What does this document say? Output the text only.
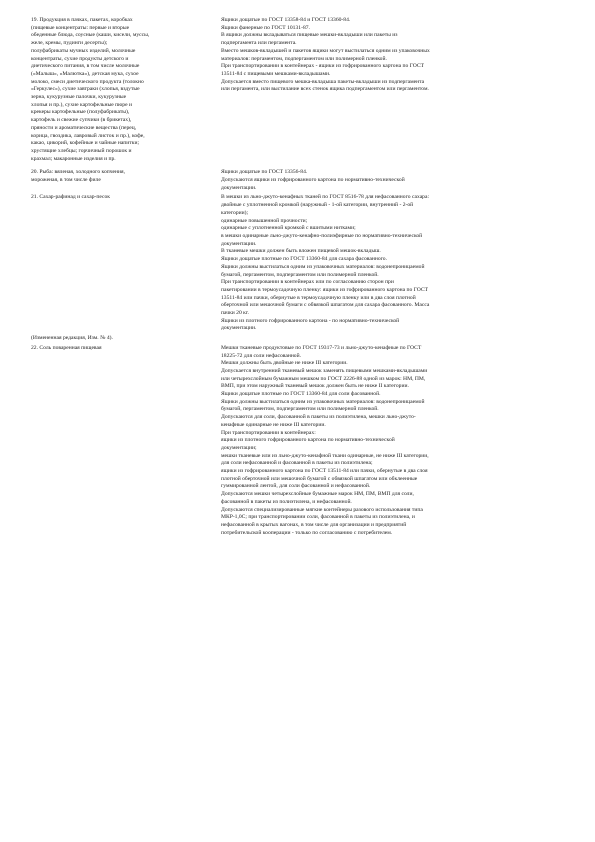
19. Продукция в пачках, пакетах, коробках
(пищевые концентраты: первые и вторые
обеденные блюда, соусные (каши, кисели, муссы,
желе, кремы, пудинги десерты);
полуфабрикаты мучных изделий, молочные
концентраты, сухие продукты детского и
диетического питания, в том числе молочные
(«Малыш», «Малютка»), детская мука, сухое
молоко, смеси диетического продукта (толокно
«Геркулес»), сухие завтраки (хлопья, вздутые
зерна, кукурузные палочки, кукурузные
хлопья и пр.), сухие картофельные пюре и
крекеры картофельные (полуфабрикаты),
картофель и свежие супчики (в брикетах),
пряности и ароматические вещества (перец,
корица, гвоздика, лавровый листок и пр.), кофе,
какао, цикорий, кофейные и чайные напитки;
хрустящие хлебцы; горчичный порошок и
крахмал; макаронные изделия и пр.
Ящики дощатые по ГОСТ 13358-84 и ГОСТ 13360-84.
Ящики фанерные по ГОСТ 10131-87.
В ящики должны вкладываться пищевые мешки-вкладыши или пакеты из
подпергамента или пергамента.
Вместо мешков-вкладышей и пакетов ящики могут выстилаться одним из упаковочных
материалов: пергаментом, подпергаментом или полимерной пленкой.
При транспортировании в контейнерах - ящики из гофрированного картона по ГОСТ
13511-84 с пищевыми мешками-вкладышами.
Допускается вместо пищевого мешка-вкладыша пакеты-вкладыши из подпергамента
или пергамента, или выстилание всех стенок ящика подпергаментом или пергаментом.
20. Рыба: вяленая, холодного копчения,
мороженая, в том числе филе
Ящики дощатые по ГОСТ 13356-84.
Допускаются ящики из гофрированного картона по нормативно-технической
документации.
21. Сахар-рафинад и сахар-песок	В мешки из льно-джуто-кенафных тканей по ГОСТ 8516-78 для нефасованного сахара:
двойные с уплотненной кромкой (наружный - 1-ой категории, внутренний - 2-ой
категории);
одинарные повышенной прочности;
одинарные с уплотненной кромкой с вшитыми нитками;
в мешки одинарные льно-джуто-кенафно-полиэфирные по нормативно-технической
документации.
В тканевые мешки должен быть вложен пищевой мешок-вкладыш.
Ящики дощатые плотные по ГОСТ 13360-84 для сахара фасованного.
Ящики должны выстилаться одним из упаковочных материалов: водонепроницаемой
бумагой, пергаментом, подпергаментом или полимерной пленкой.
При транспортировании в контейнерах или по согласованию сторон при
пакетировании в термоусадочную пленку: ящики из гофрированного картона по ГОСТ
13511-84 или пачки, обернутые в термоусадочную пленку или в два слоя плотной
оберточной или мешочной бумаги с обвязкой шпагатом для сахара фасованного. Масса
пачки 20 кг.
Ящики из плотного гофрированного картона - по нормативно-технической
документации.
(Измененная редакция, Изм. № 4).
22. Соль поваренная пищевая	Мешки тканевые продуктовые по ГОСТ 19317-73 и льно-джуто-кенафные по ГОСТ
18225-72 для соли нефасованной.
Мешки должны быть двойные не ниже III категории.
Допускается внутренний тканевый мешок заменять пищевыми мешками-вкладышами
или четырехслойным бумажным мешком по ГОСТ 2226-88 одной из марок: НМ, ПМ,
ВМП, при этом наружный тканевый мешок должен быть не ниже II категории.
Ящики дощатые плотные по ГОСТ 13360-84 для соли фасованной.
Ящики должны выстилаться одним из упаковочных материалов: водонепроницаемой
бумагой, пергаментом, подпергаментом или полимерной пленкой.
Допускаются для соли, фасованной в пакеты из полиэтилена, мешки льно-джуто-
кенафные одинарные не ниже III категории.
При транспортировании в контейнерах:
ящики из плотного гофрированного картона по нормативно-технической
документации;
мешки тканевые или из льно-джуто-кенафной ткани одинарные, не ниже III категории,
для соли нефасованной и фасованной в пакеты из полиэтилена;
ящики из гофрированного картона по ГОСТ 13511-84 или пачки, обернутые в два слоя
плотной оберточной или мешочной бумагой с обвязкой шпагатом или обклеенные
гуммированной лентой, для соли фасованной и нефасованной.
Допускаются мешки четырехслойные бумажные марок НМ, ПМ, ВМП для соли,
фасованной в пакеты из полиэтилена, и нефасованной.
Допускаются специализированные мягкие контейнеры разового использования типа
МКР-1,0С; при транспортировании соли, фасованной в пакеты из полиэтилена, и
нефасованной в крытых вагонах, в том числе для организации и предприятий
потребительской кооперации - только по согласованию с потребителем.
